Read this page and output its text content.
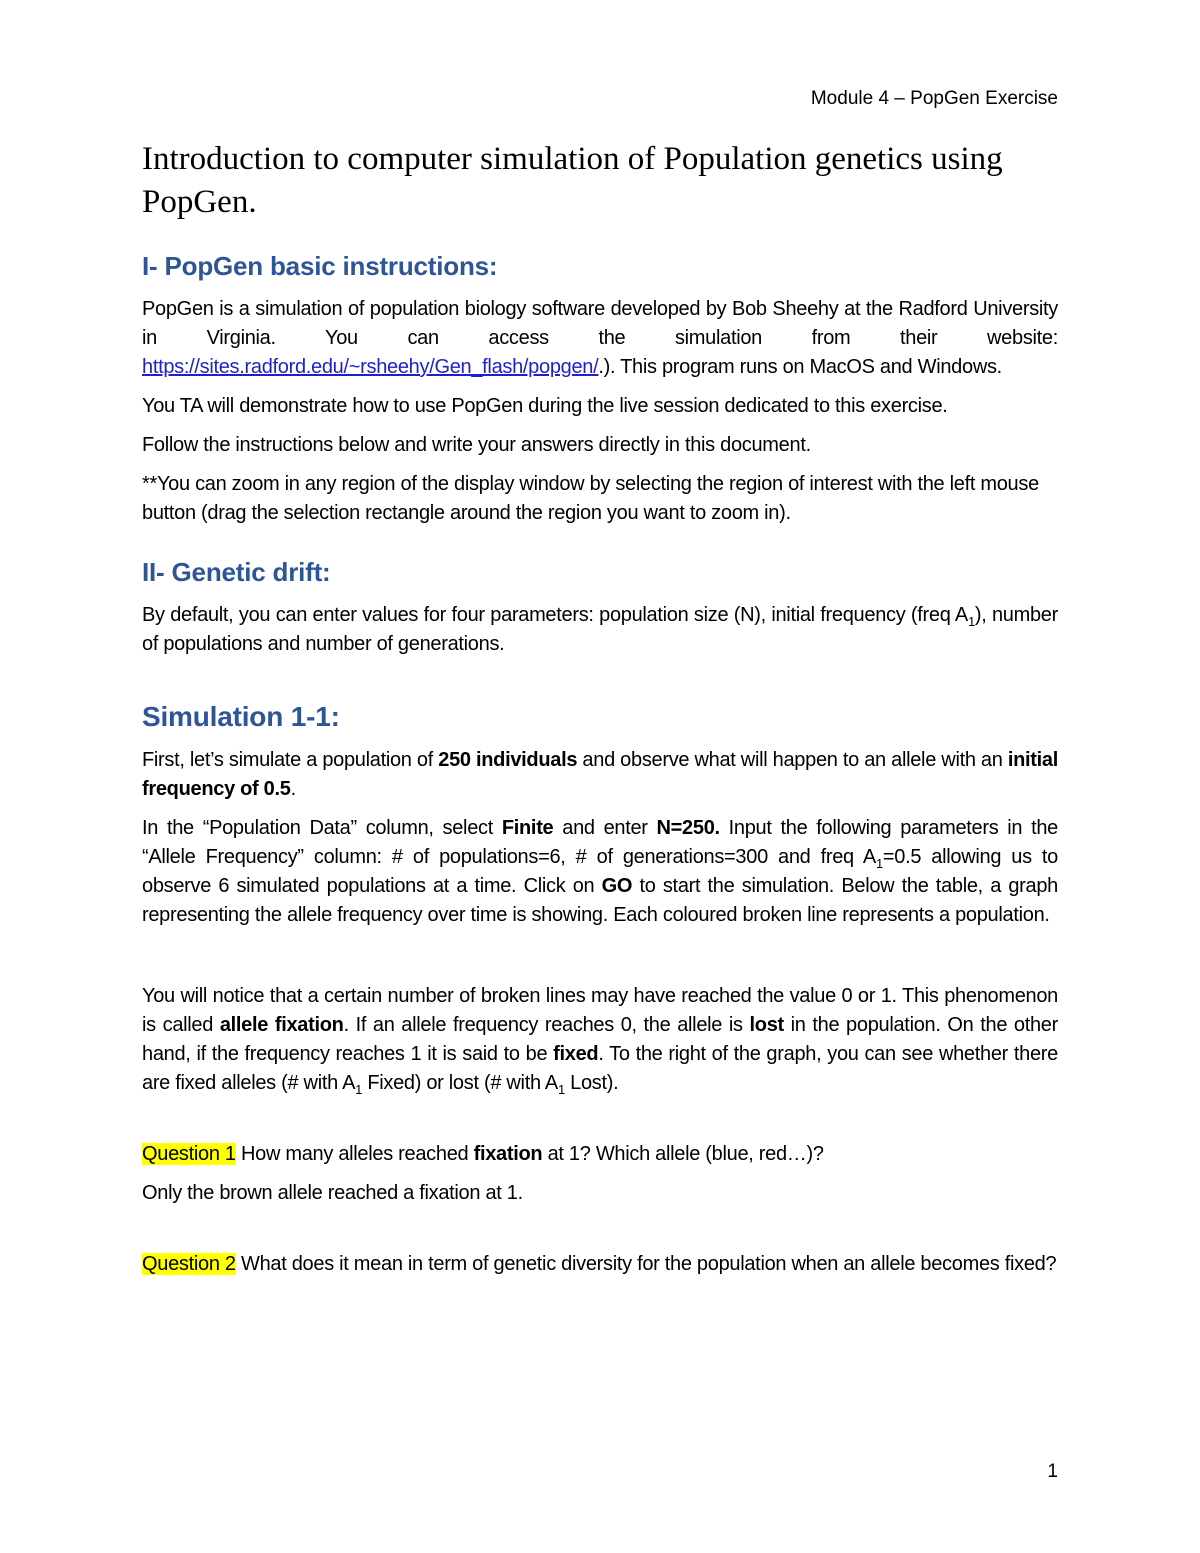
Module 4 – PopGen Exercise
Introduction to computer simulation of Population genetics using PopGen.
I- PopGen basic instructions:

PopGen is a simulation of population biology software developed by Bob Sheehy at the Radford University in Virginia. You can access the simulation from their website: https://sites.radford.edu/~rsheehy/Gen_flash/popgen/.). This program runs on MacOS and Windows.

You TA will demonstrate how to use PopGen during the live session dedicated to this exercise.

Follow the instructions below and write your answers directly in this document.

**You can zoom in any region of the display window by selecting the region of interest with the left mouse button (drag the selection rectangle around the region you want to zoom in).

II- Genetic drift:

By default, you can enter values for four parameters: population size (N), initial frequency (freq $A_1$), number of populations and number of generations.

Simulation 1-1:

First, let’s simulate a population of 250 individuals and observe what will happen to an allele with an initial frequency of 0.5.

In the “Population Data” column, select Finite and enter N=250. Input the following parameters in the “Allele Frequency” column: # of populations=6, # of generations=300 and freq $A_1=0.5$ allowing us to observe 6 simulated populations at a time. Click on GO to start the simulation. Below the table, a graph representing the allele frequency over time is showing. Each coloured broken line represents a population.

You will notice that a certain number of broken lines may have reached the value 0 or 1. This phenomenon is called allele fixation. If an allele frequency reaches 0, the allele is lost in the population. On the other hand, if the frequency reaches 1 it is said to be fixed. To the right of the graph, you can see whether there are fixed alleles (# with $A_1$ Fixed) or lost (# with $A_1$ Lost).

Question 1 How many alleles reached fixation at 1? Which allele (blue, red…)?

Only the brown allele reached a fixation at 1.

Question 2 What does it mean in term of genetic diversity for the population when an allele becomes fixed?

1
